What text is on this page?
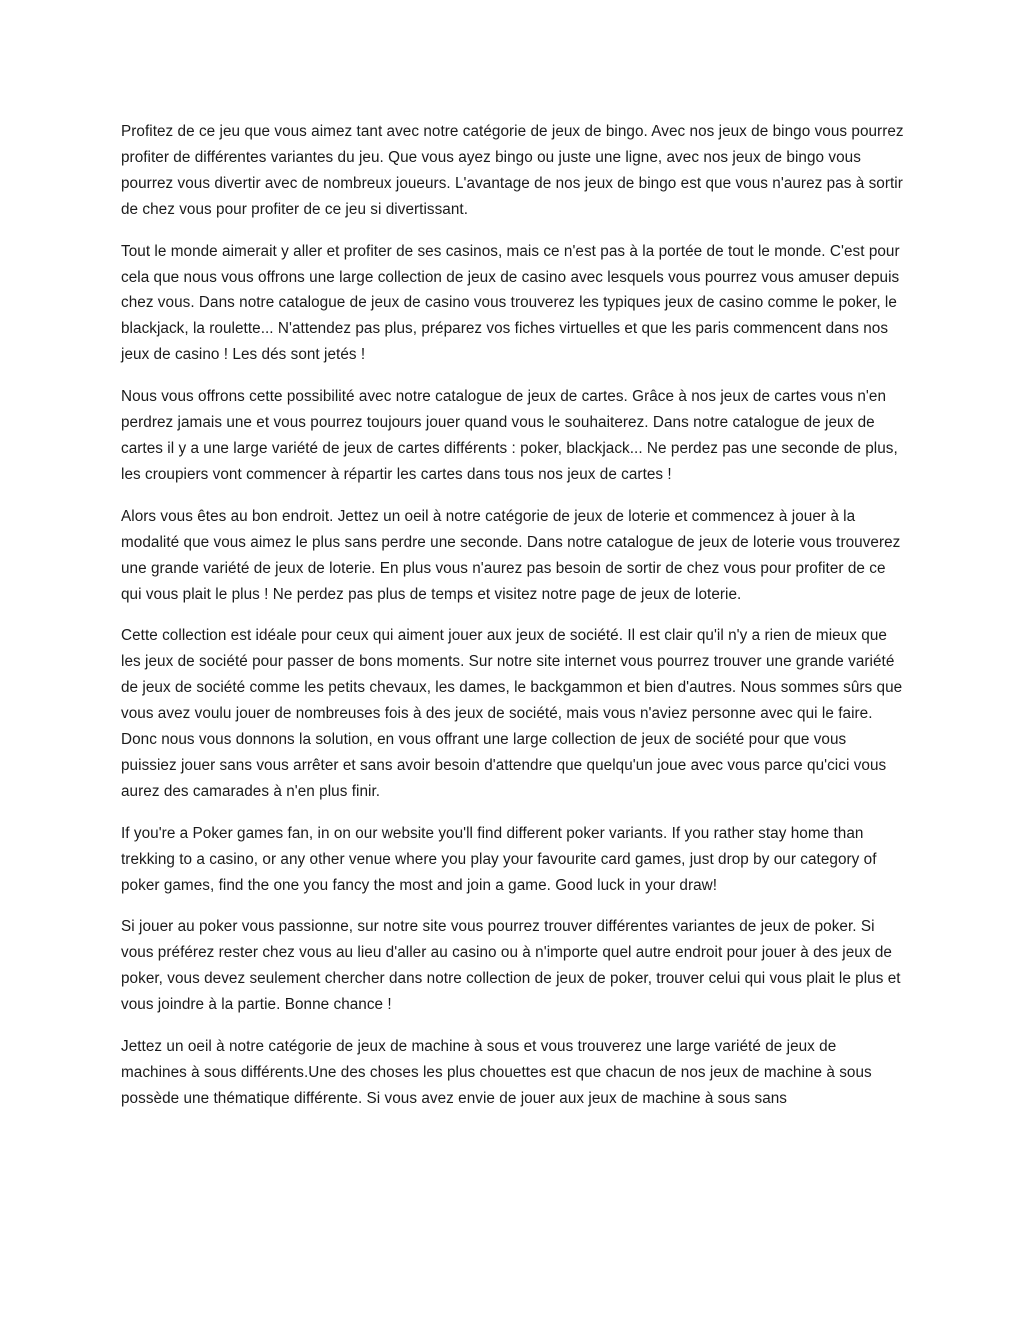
Profitez de ce jeu que vous aimez tant avec notre catégorie de jeux de bingo. Avec nos jeux de bingo vous pourrez profiter de différentes variantes du jeu. Que vous ayez bingo ou juste une ligne, avec nos jeux de bingo vous pourrez vous divertir avec de nombreux joueurs. L'avantage de nos jeux de bingo est que vous n'aurez pas à sortir de chez vous pour profiter de ce jeu si divertissant.

Tout le monde aimerait y aller et profiter de ses casinos, mais ce n'est pas à la portée de tout le monde. C'est pour cela que nous vous offrons une large collection de jeux de casino avec lesquels vous pourrez vous amuser depuis chez vous. Dans notre catalogue de jeux de casino vous trouverez les typiques jeux de casino comme le poker, le blackjack, la roulette... N'attendez pas plus, préparez vos fiches virtuelles et que les paris commencent dans nos jeux de casino ! Les dés sont jetés !

Nous vous offrons cette possibilité avec notre catalogue de jeux de cartes. Grâce à nos jeux de cartes vous n'en perdrez jamais une et vous pourrez toujours jouer quand vous le souhaiterez. Dans notre catalogue de jeux de cartes il y a une large variété de jeux de cartes différents : poker, blackjack... Ne perdez pas une seconde de plus, les croupiers vont commencer à répartir les cartes dans tous nos jeux de cartes !

Alors vous êtes au bon endroit. Jettez un oeil à notre catégorie de jeux de loterie et commencez à jouer à la modalité que vous aimez le plus sans perdre une seconde. Dans notre catalogue de jeux de loterie vous trouverez une grande variété de jeux de loterie. En plus vous n'aurez pas besoin de sortir de chez vous pour profiter de ce qui vous plait le plus ! Ne perdez pas plus de temps et visitez notre page de jeux de loterie.

Cette collection est idéale pour ceux qui aiment jouer aux jeux de société. Il est clair qu'il n'y a rien de mieux que les jeux de société pour passer de bons moments. Sur notre site internet vous pourrez trouver une grande variété de jeux de société comme les petits chevaux, les dames, le backgammon et bien d'autres. Nous sommes sûrs que vous avez voulu jouer de nombreuses fois à des jeux de société, mais vous n'aviez personne avec qui le faire. Donc nous vous donnons la solution, en vous offrant une large collection de jeux de société pour que vous puissiez jouer sans vous arrêter et sans avoir besoin d'attendre que quelqu'un joue avec vous parce qu'cici vous aurez des camarades à n'en plus finir.

If you're a Poker games fan, in on our website you'll find different poker variants. If you rather stay home than trekking to a casino, or any other venue where you play your favourite card games, just drop by our category of poker games, find the one you fancy the most and join a game. Good luck in your draw!

Si jouer au poker vous passionne, sur notre site vous pourrez trouver différentes variantes de jeux de poker. Si vous préférez rester chez vous au lieu d'aller au casino ou à n'importe quel autre endroit pour jouer à des jeux de poker, vous devez seulement chercher dans notre collection de jeux de poker, trouver celui qui vous plait le plus et vous joindre à la partie. Bonne chance !

Jettez un oeil à notre catégorie de jeux de machine à sous et vous trouverez une large variété de jeux de machines à sous différents.Une des choses les plus chouettes est que chacun de nos jeux de machine à sous possède une thématique différente. Si vous avez envie de jouer aux jeux de machine à sous sans
